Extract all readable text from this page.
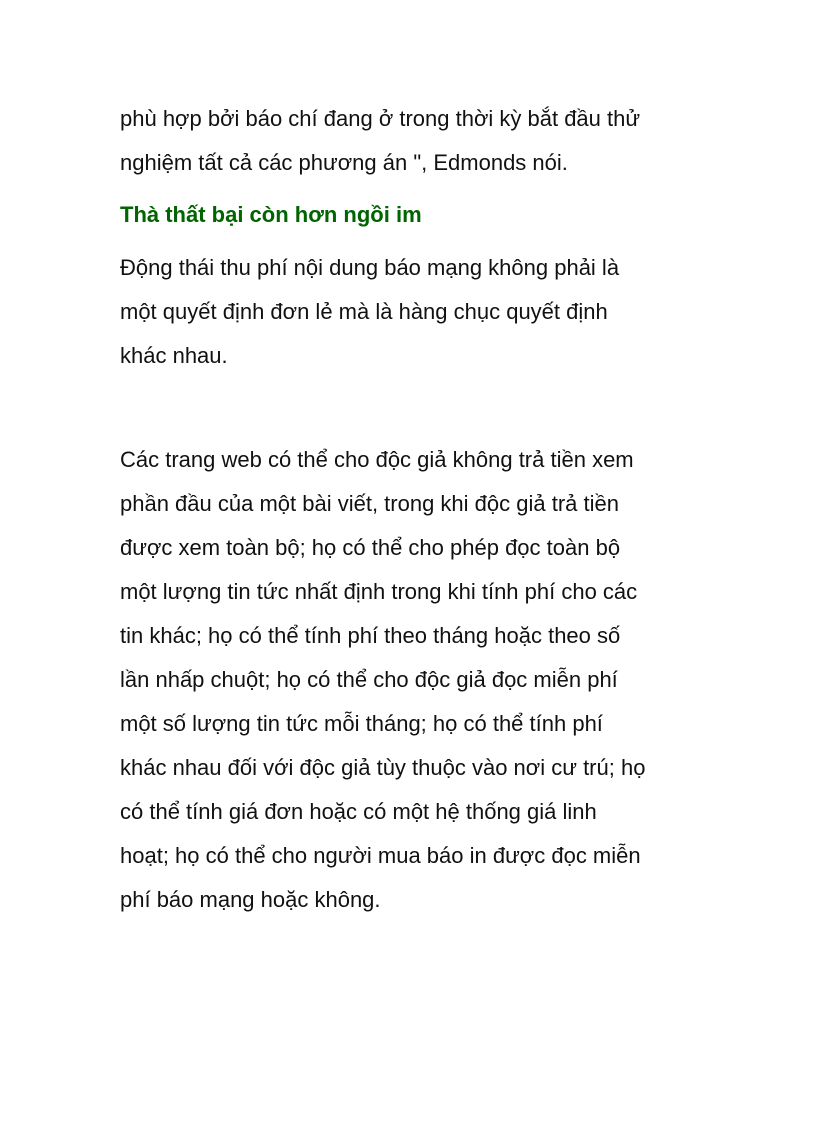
phù hợp bởi báo chí đang ở trong thời kỳ bắt đầu thử
nghiệm tất cả các phương án ", Edmonds nói.
Thà thất bại còn hơn ngồi im
Động thái thu phí nội dung báo mạng không phải là
một quyết định đơn lẻ mà là hàng chục quyết định
khác nhau.
Các trang web có thể cho độc giả không trả tiền xem
phần đầu của một bài viết, trong khi độc giả trả tiền
được xem toàn bộ; họ có thể cho phép đọc toàn bộ
một lượng tin tức nhất định trong khi tính phí cho các
tin khác; họ có thể tính phí theo tháng hoặc theo số
lần nhấp chuột; họ có thể cho độc giả đọc miễn phí
một số lượng tin tức mỗi tháng; họ có thể tính phí
khác nhau đối với độc giả tùy thuộc vào nơi cư trú; họ
có thể tính giá đơn hoặc có một hệ thống giá linh
hoạt; họ có thể cho người mua báo in được đọc miễn
phí báo mạng hoặc không.
